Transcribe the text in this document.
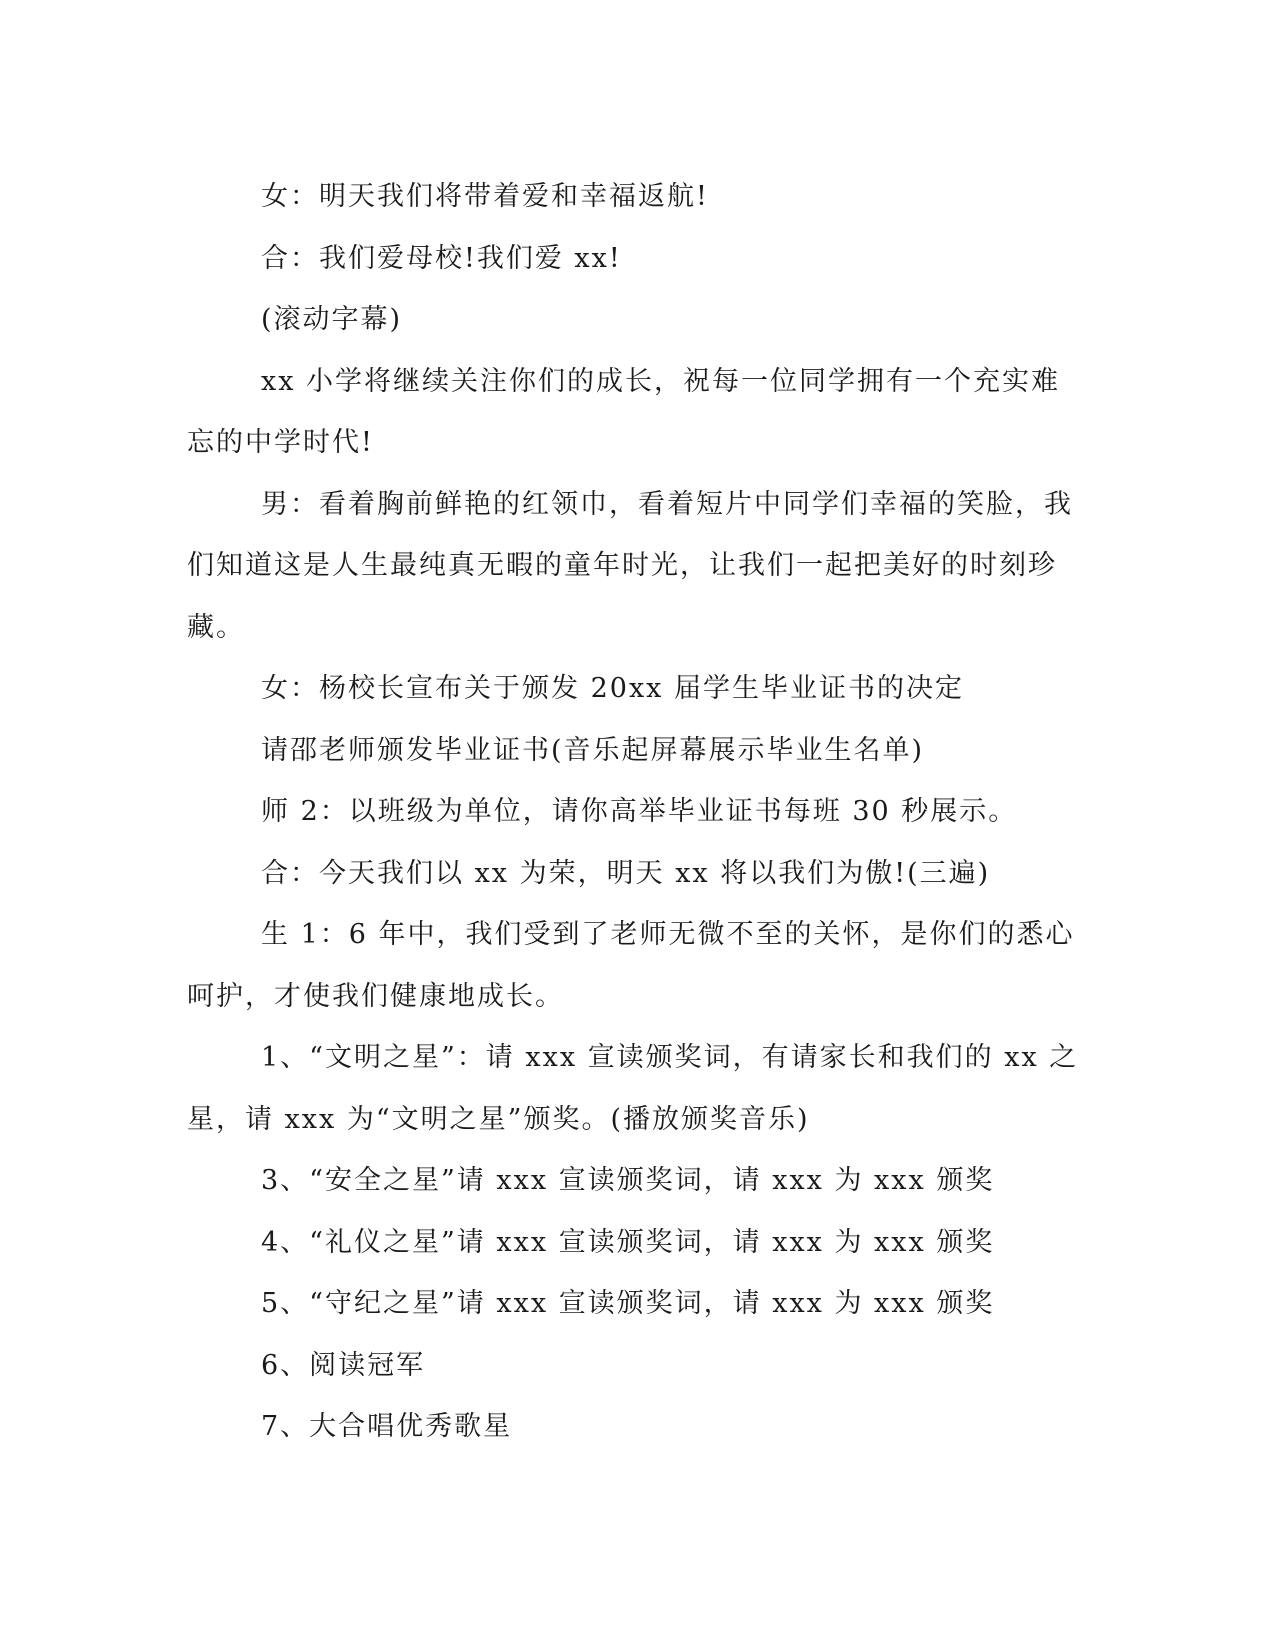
女：明天我们将带着爱和幸福返航!

合：我们爱母校!我们爱 xx!

(滚动字幕)

xx 小学将继续关注你们的成长，祝每一位同学拥有一个充实难忘的中学时代!

男：看着胸前鲜艳的红领巾，看着短片中同学们幸福的笑脸，我们知道这是人生最纯真无暇的童年时光，让我们一起把美好的时刻珍藏。

女：杨校长宣布关于颁发 20xx 届学生毕业证书的决定

请邵老师颁发毕业证书(音乐起屏幕展示毕业生名单)

师 2：以班级为单位，请你高举毕业证书每班 30 秒展示。

合：今天我们以 xx 为荣，明天 xx 将以我们为傲!(三遍)

生 1：6 年中，我们受到了老师无微不至的关怀，是你们的悉心呵护，才使我们健康地成长。

1、“文明之星”：请 xxx 宣读颁奖词，有请家长和我们的 xx 之星，请 xxx 为“文明之星”颁奖。(播放颁奖音乐)

3、“安全之星”请 xxx 宣读颁奖词，请 xxx 为 xxx 颁奖

4、“礼仪之星”请 xxx 宣读颁奖词，请 xxx 为 xxx 颁奖

5、“守纪之星”请 xxx 宣读颁奖词，请 xxx 为 xxx 颁奖

6、阅读冠军

7、大合唱优秀歌星
